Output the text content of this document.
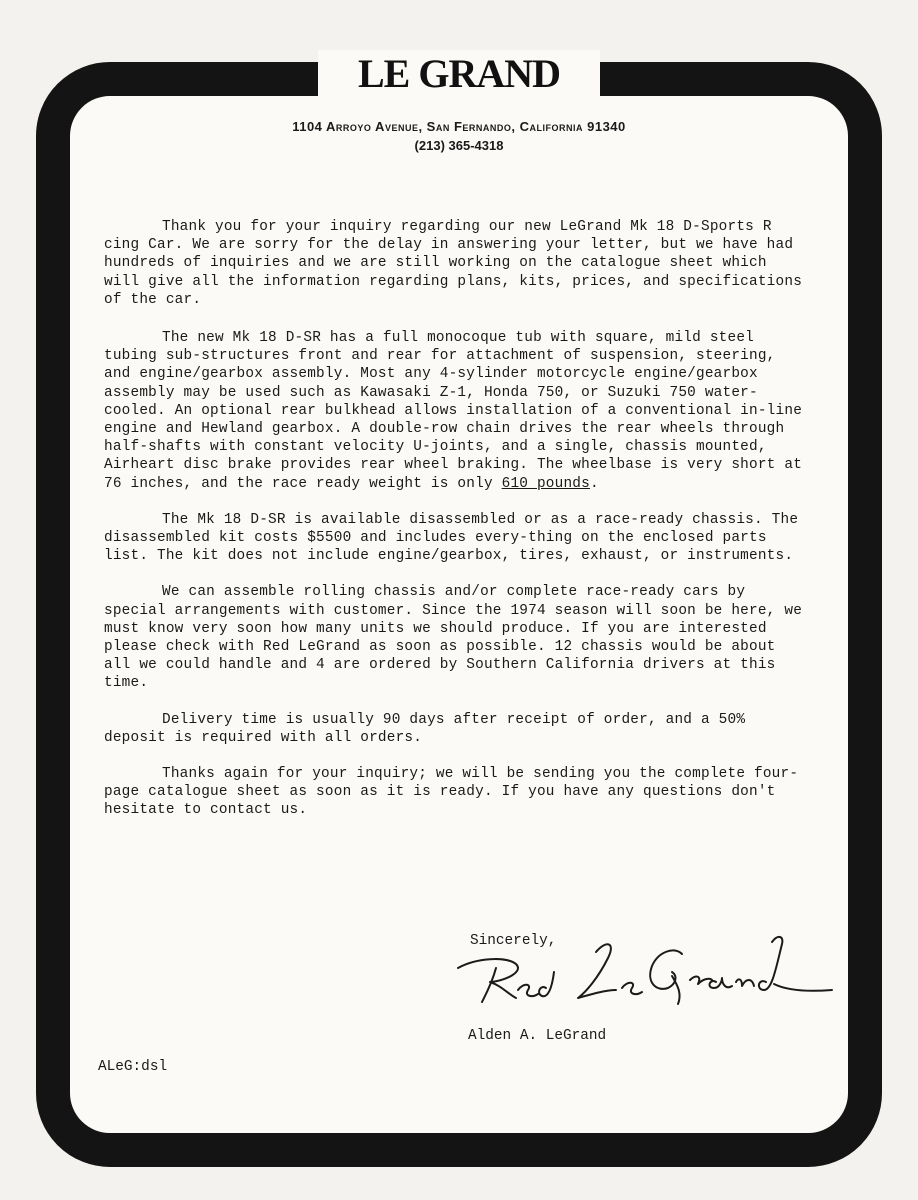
LE GRAND
1104 Arroyo Avenue, San Fernando, California 91340
(213) 365-4318

Thank you for your inquiry regarding our new LeGrand Mk 18 D-Sports R cing Car. We are sorry for the delay in answering your letter, but we have had hundreds of inquiries and we are still working on the catalogue sheet which will give all the information regarding plans, kits, prices, and specifications of the car.

The new Mk 18 D-SR has a full monocoque tub with square, mild steel tubing sub-structures front and rear for attachment of suspension, steering, and engine/gearbox assembly. Most any 4-sylinder motorcycle engine/gearbox assembly may be used such as Kawasaki Z-1, Honda 750, or Suzuki 750 water-cooled. An optional rear bulkhead allows installation of a conventional in-line engine and Hewland gearbox. A double-row chain drives the rear wheels through half-shafts with constant velocity U-joints, and a single, chassis mounted, Airheart disc brake provides rear wheel braking. The wheelbase is very short at 76 inches, and the race ready weight is only 610 pounds.

The Mk 18 D-SR is available disassembled or as a race-ready chassis. The disassembled kit costs $5500 and includes every-thing on the enclosed parts list. The kit does not include engine/gearbox, tires, exhaust, or instruments.

We can assemble rolling chassis and/or complete race-ready cars by special arrangements with customer. Since the 1974 season will soon be here, we must know very soon how many units we should produce. If you are interested please check with Red LeGrand as soon as possible. 12 chassis would be about all we could handle and 4 are ordered by Southern California drivers at this time.

Delivery time is usually 90 days after receipt of order, and a 50% deposit is required with all orders.

Thanks again for your inquiry; we will be sending you the complete four-page catalogue sheet as soon as it is ready. If you have any questions don't hesitate to contact us.

Sincerely,
Alden A. LeGrand
ALeG:dsl
